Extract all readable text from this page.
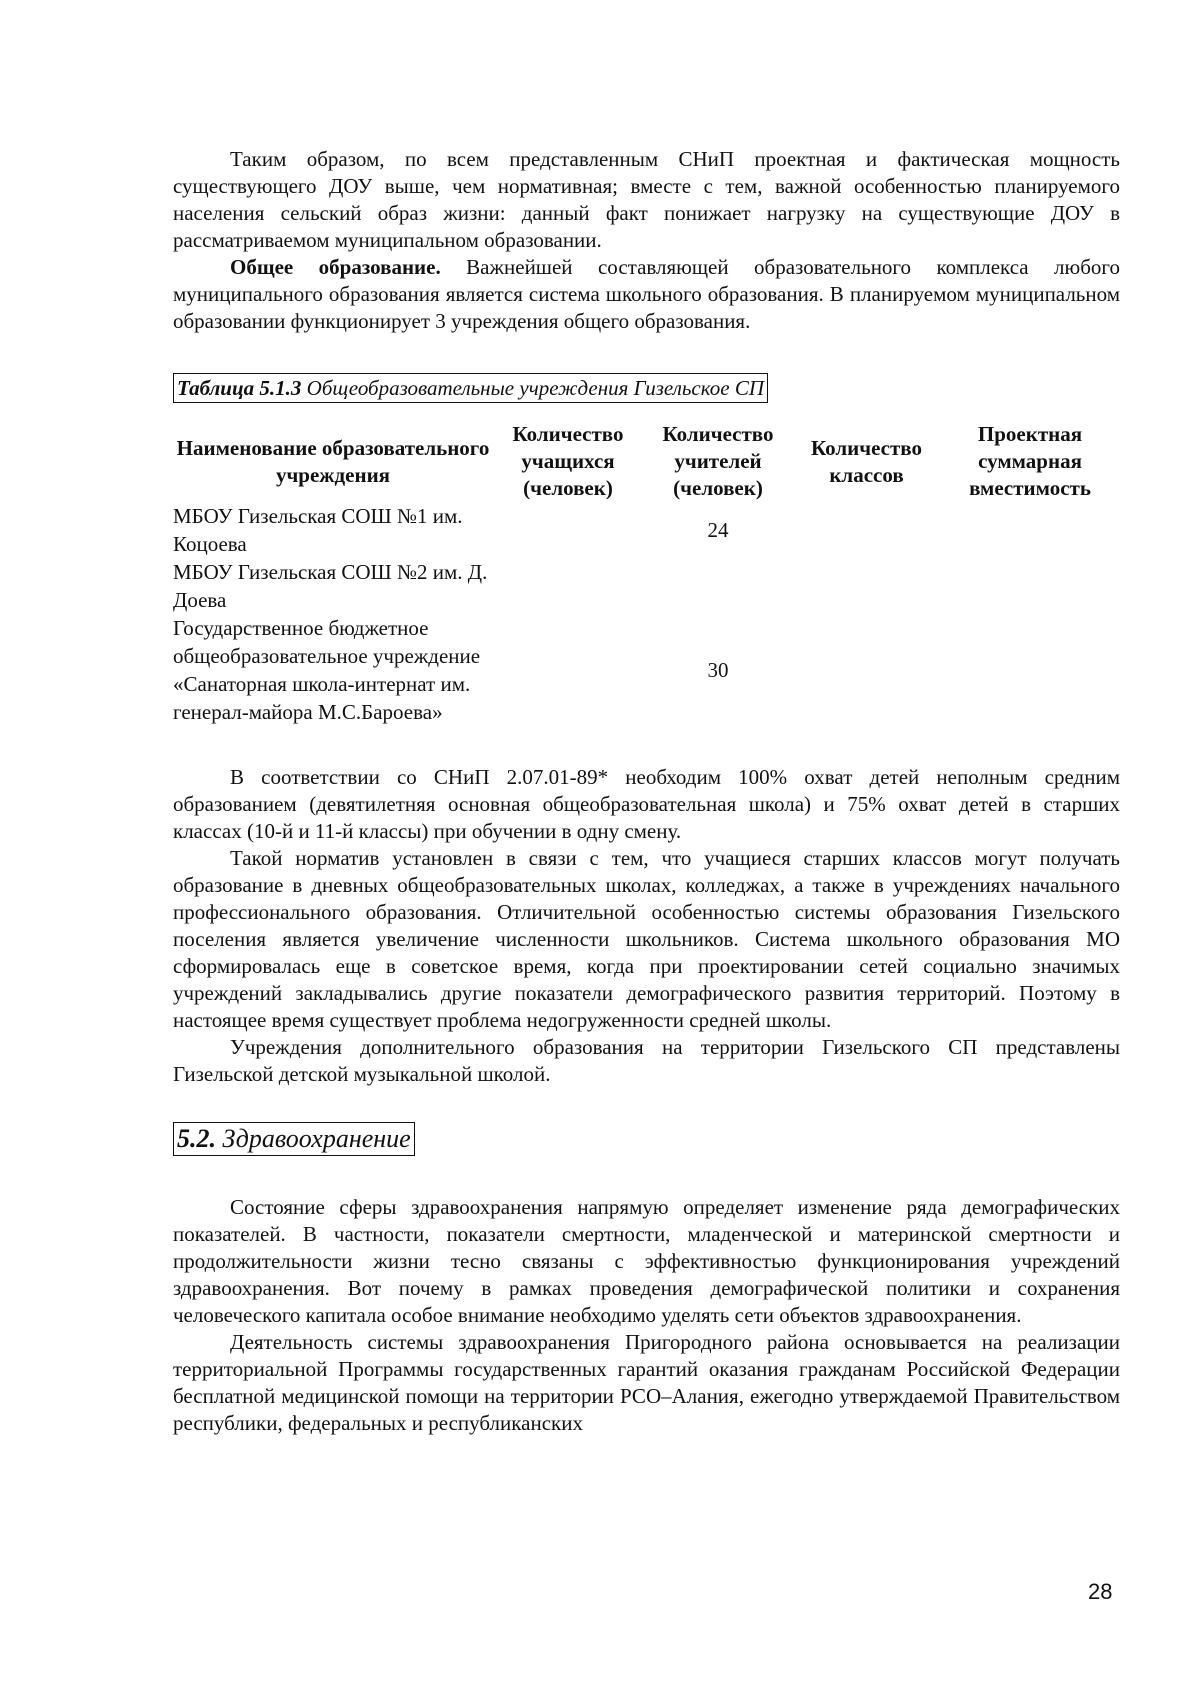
Таким образом, по всем представленным СНиП проектная и фактическая мощность существующего ДОУ выше, чем нормативная; вместе с тем, важной особенностью планируемого населения сельский образ жизни: данный факт понижает нагрузку на существующие ДОУ в рассматриваемом муниципальном образовании.

Общее образование. Важнейшей составляющей образовательного комплекса любого муниципального образования является система школьного образования. В планируемом муниципальном образовании функционирует 3 учреждения общего образования.

Таблица 5.1.3 Общеобразовательные учреждения Гизельское СП
Наименование образовательного учреждения	Количество учащихся (человек)	Количество учителей (человек)	Количество классов	Проектная суммарная вместимость
МБОУ Гизельская СОШ №1 им. Коцоева		24		
МБОУ Гизельская СОШ №2 им. Д. Доева				
Государственное бюджетное общеобразовательное учреждение «Санаторная школа-интернат им. генерал-майора М.С.Бароева»		30		

В соответствии со СНиП 2.07.01-89* необходим 100% охват детей неполным средним образованием (девятилетняя основная общеобразовательная школа) и 75% охват детей в старших классах (10-й и 11-й классы) при обучении в одну смену.

Такой норматив установлен в связи с тем, что учащиеся старших классов могут получать образование в дневных общеобразовательных школах, колледжах, а также в учреждениях начального профессионального образования. Отличительной особенностью системы образования Гизельского поселения является увеличение численности школьников. Система школьного образования МО сформировалась еще в советское время, когда при проектировании сетей социально значимых учреждений закладывались другие показатели демографического развития территорий. Поэтому в настоящее время существует проблема недогруженности средней школы.

Учреждения дополнительного образования на территории Гизельского СП представлены Гизельской детской музыкальной школой.

5.2. Здравоохранение

Состояние сферы здравоохранения напрямую определяет изменение ряда демографических показателей. В частности, показатели смертности, младенческой и материнской смертности и продолжительности жизни тесно связаны с эффективностью функционирования учреждений здравоохранения. Вот почему в рамках проведения демографической политики и сохранения человеческого капитала особое внимание необходимо уделять сети объектов здравоохранения.

Деятельность системы здравоохранения Пригородного района основывается на реализации территориальной Программы государственных гарантий оказания гражданам Российской Федерации бесплатной медицинской помощи на территории РСО–Алания, ежегодно утверждаемой Правительством республики, федеральных и республиканских

28
